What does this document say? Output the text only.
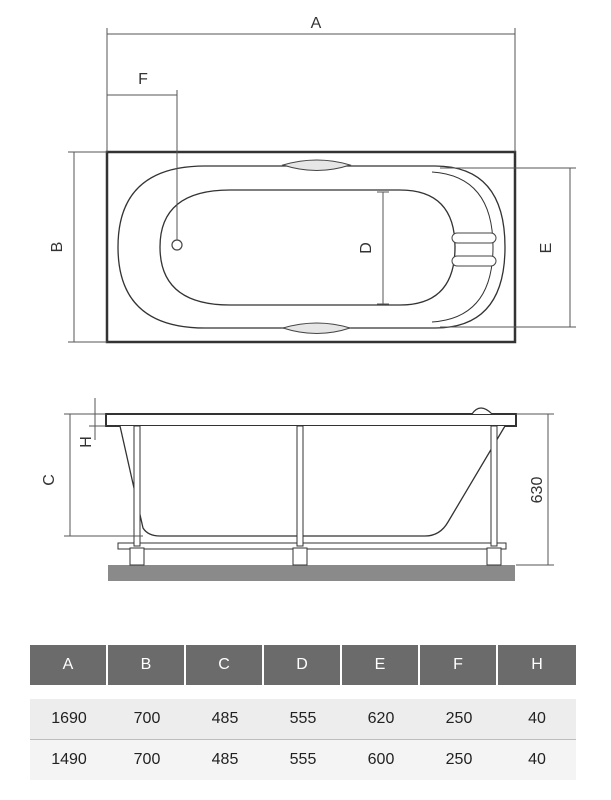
A
F
B	D	E
C
H
630
A	B	C	D	E	F	H

1690	700	485	555	620	250	40
1490	700	485	555	600	250	40
